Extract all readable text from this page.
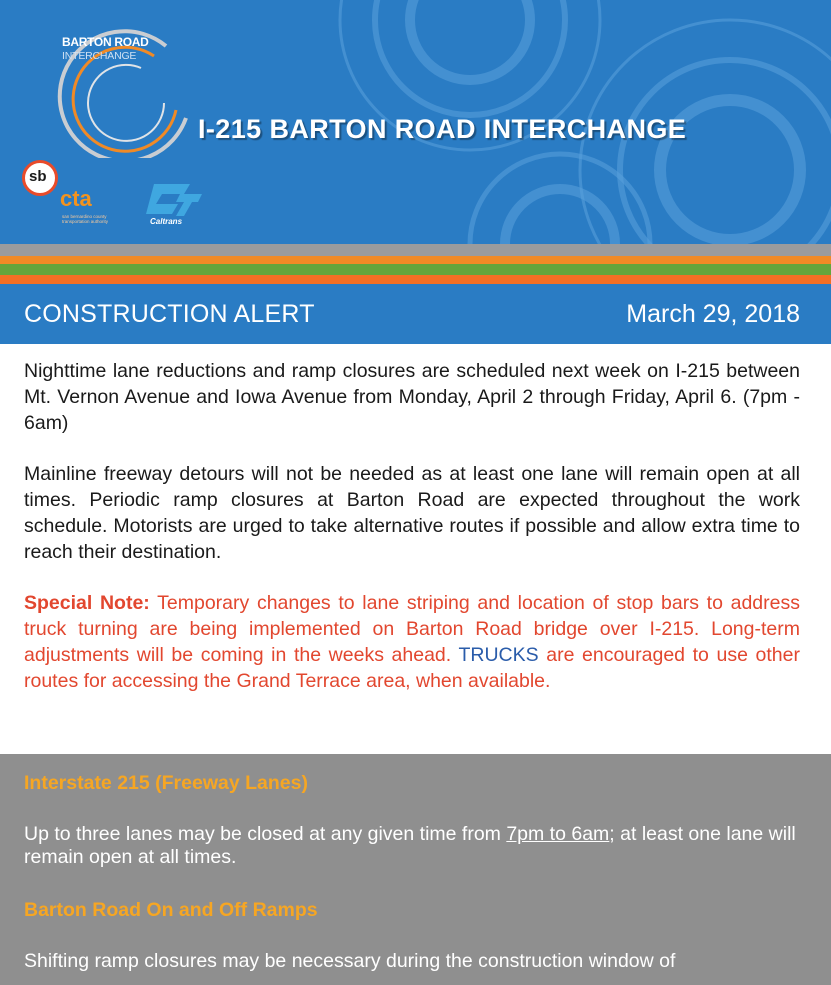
BARTON ROAD
INTERCHANGE
I-215 BARTON ROAD INTERCHANGE
sb
cta
san bernardino county transportation authority	Caltrans
CONSTRUCTION ALERT	March 29, 2018

Nighttime lane reductions and ramp closures are scheduled next week on I-215 between Mt. Vernon Avenue and Iowa Avenue from Monday, April 2 through Friday, April 6. (7pm - 6am)

Mainline freeway detours will not be needed as at least one lane will remain open at all times. Periodic ramp closures at Barton Road are expected throughout the work schedule. Motorists are urged to take alternative routes if possible and allow extra time to reach their destination.

Special Note: Temporary changes to lane striping and location of stop bars to address truck turning are being implemented on Barton Road bridge over I-215. Long-term adjustments will be coming in the weeks ahead. TRUCKS are encouraged to use other routes for accessing the Grand Terrace area, when available.

Interstate 215 (Freeway Lanes)
Up to three lanes may be closed at any given time from 7pm to 6am; at least one lane will remain open at all times.
Barton Road On and Off Ramps
Shifting ramp closures may be necessary during the construction window of
